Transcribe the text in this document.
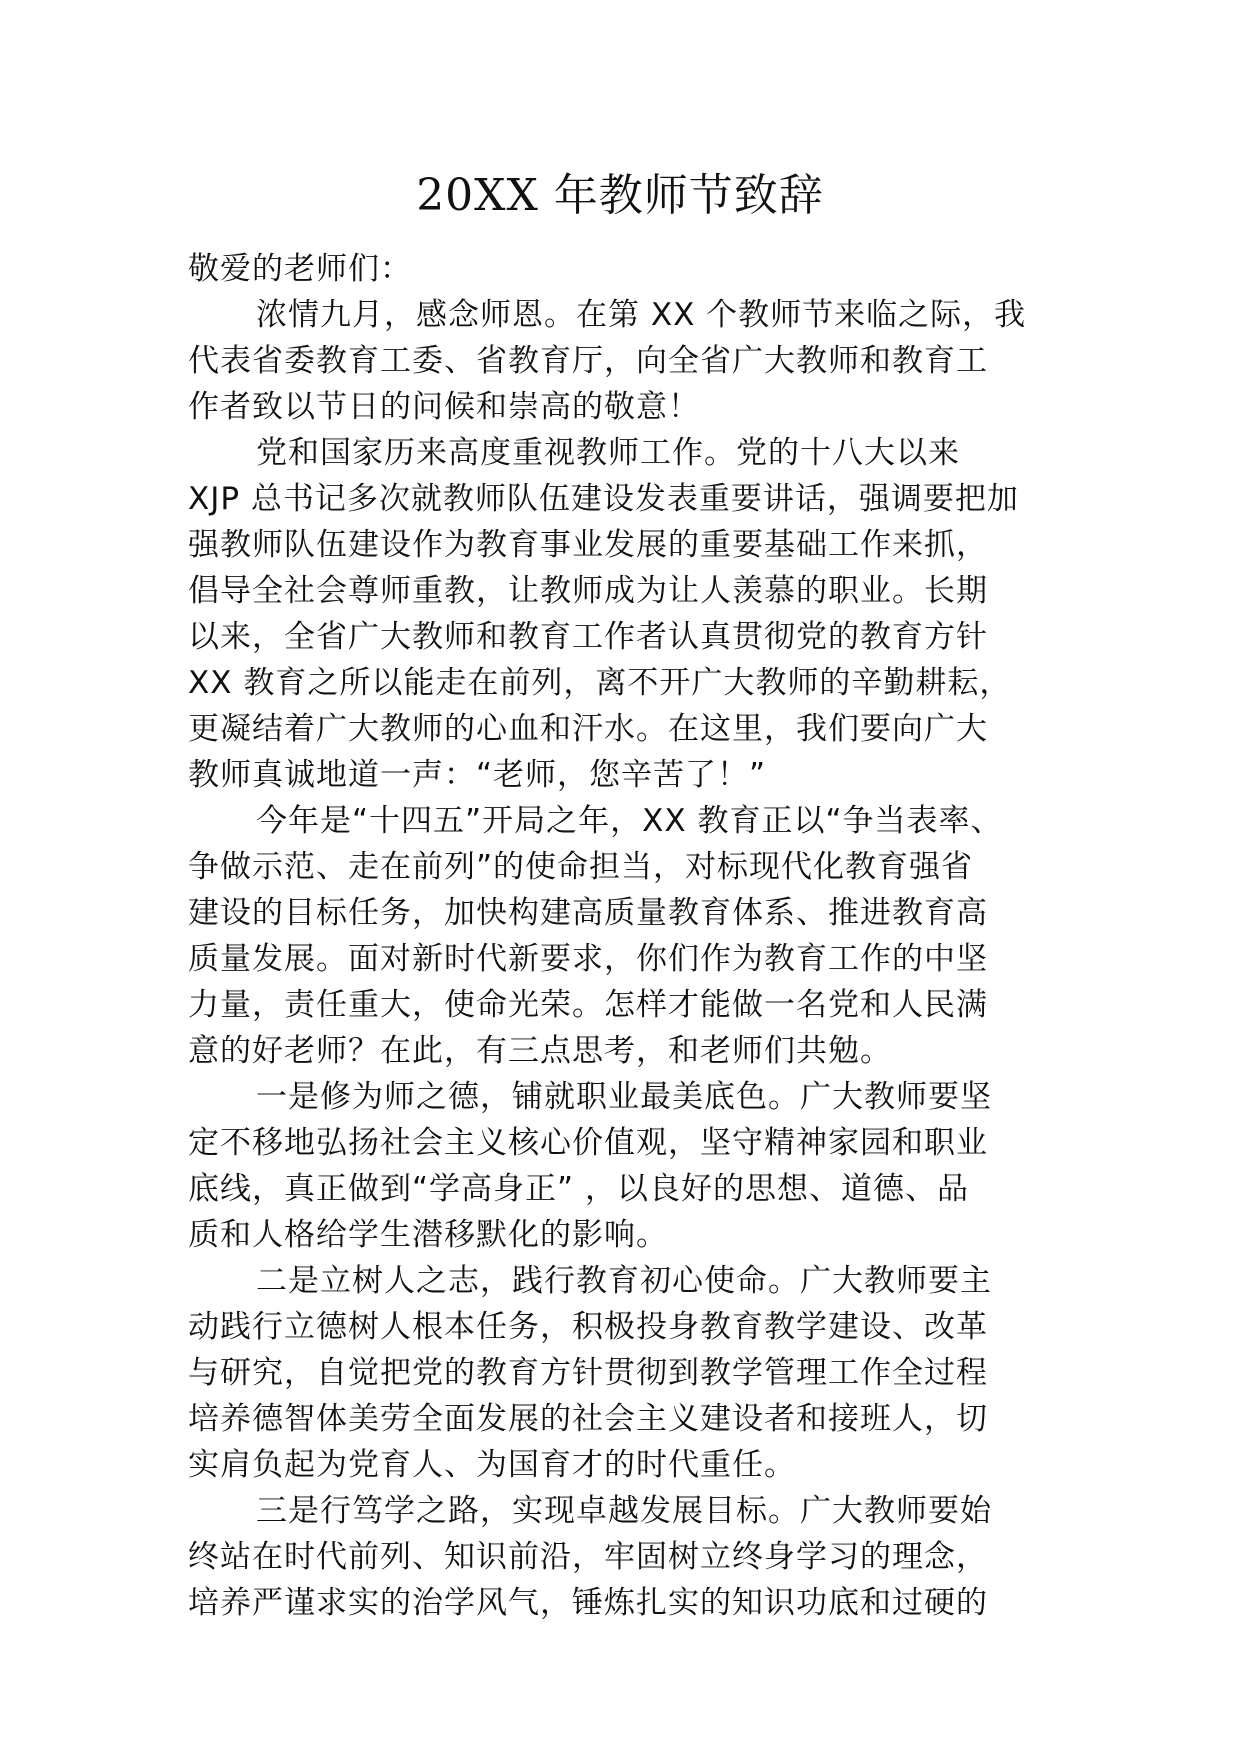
20XX 年教师节致辞

敬爱的老师们：

浓情九月，感念师恩。在第 XX 个教师节来临之际，我
代表省委教育工委、省教育厅，向全省广大教师和教育工
作者致以节日的问候和崇高的敬意！

党和国家历来高度重视教师工作。党的十八大以来
XJP 总书记多次就教师队伍建设发表重要讲话，强调要把加
强教师队伍建设作为教育事业发展的重要基础工作来抓，
倡导全社会尊师重教，让教师成为让人羡慕的职业。长期
以来，全省广大教师和教育工作者认真贯彻党的教育方针
XX 教育之所以能走在前列，离不开广大教师的辛勤耕耘，
更凝结着广大教师的心血和汗水。在这里，我们要向广大
教师真诚地道一声：“老师，您辛苦了！”

今年是“十四五”开局之年，XX 教育正以“争当表率、
争做示范、走在前列”的使命担当，对标现代化教育强省
建设的目标任务，加快构建高质量教育体系、推进教育高
质量发展。面对新时代新要求，你们作为教育工作的中坚
力量，责任重大，使命光荣。怎样才能做一名党和人民满
意的好老师？在此，有三点思考，和老师们共勉。

一是修为师之德，铺就职业最美底色。广大教师要坚
定不移地弘扬社会主义核心价值观，坚守精神家园和职业
底线，真正做到“学高身正” ，以良好的思想、道德、品
质和人格给学生潜移默化的影响。

二是立树人之志，践行教育初心使命。广大教师要主
动践行立德树人根本任务，积极投身教育教学建设、改革
与研究，自觉把党的教育方针贯彻到教学管理工作全过程
培养德智体美劳全面发展的社会主义建设者和接班人，切
实肩负起为党育人、为国育才的时代重任。

三是行笃学之路，实现卓越发展目标。广大教师要始
终站在时代前列、知识前沿，牢固树立终身学习的理念，
培养严谨求实的治学风气，锤炼扎实的知识功底和过硬的
